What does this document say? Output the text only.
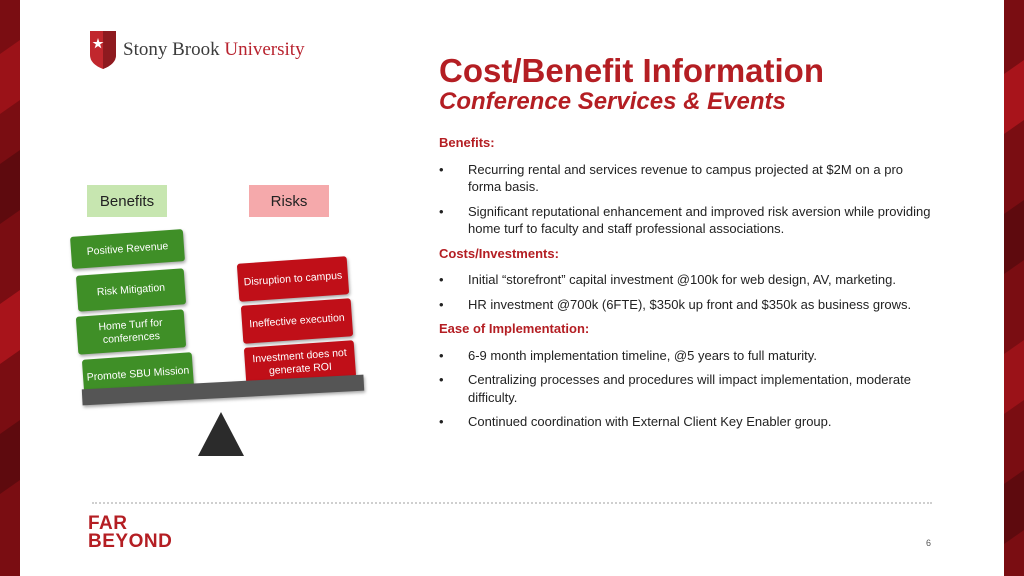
Stony Brook University
Cost/Benefit Information
Conference Services & Events
Benefits	Risks
Positive Revenue
Risk Mitigation
Home Turf for conferences
Promote SBU Mission
Disruption to campus
Ineffective execution
Investment does not generate ROI
Benefits:
• Recurring rental and services revenue to campus projected at $2M on a pro forma basis.
• Significant reputational enhancement and improved risk aversion while providing home turf to faculty and staff professional associations.
Costs/Investments:
• Initial “storefront” capital investment @100k for web design, AV, marketing.
• HR investment @700k (6FTE), $350k up front and $350k as business grows.
Ease of Implementation:
• 6-9 month implementation timeline, @5 years to full maturity.
• Centralizing processes and procedures will impact implementation, moderate difficulty.
• Continued coordination with External Client Key Enabler group.
FAR
BEYOND	6
